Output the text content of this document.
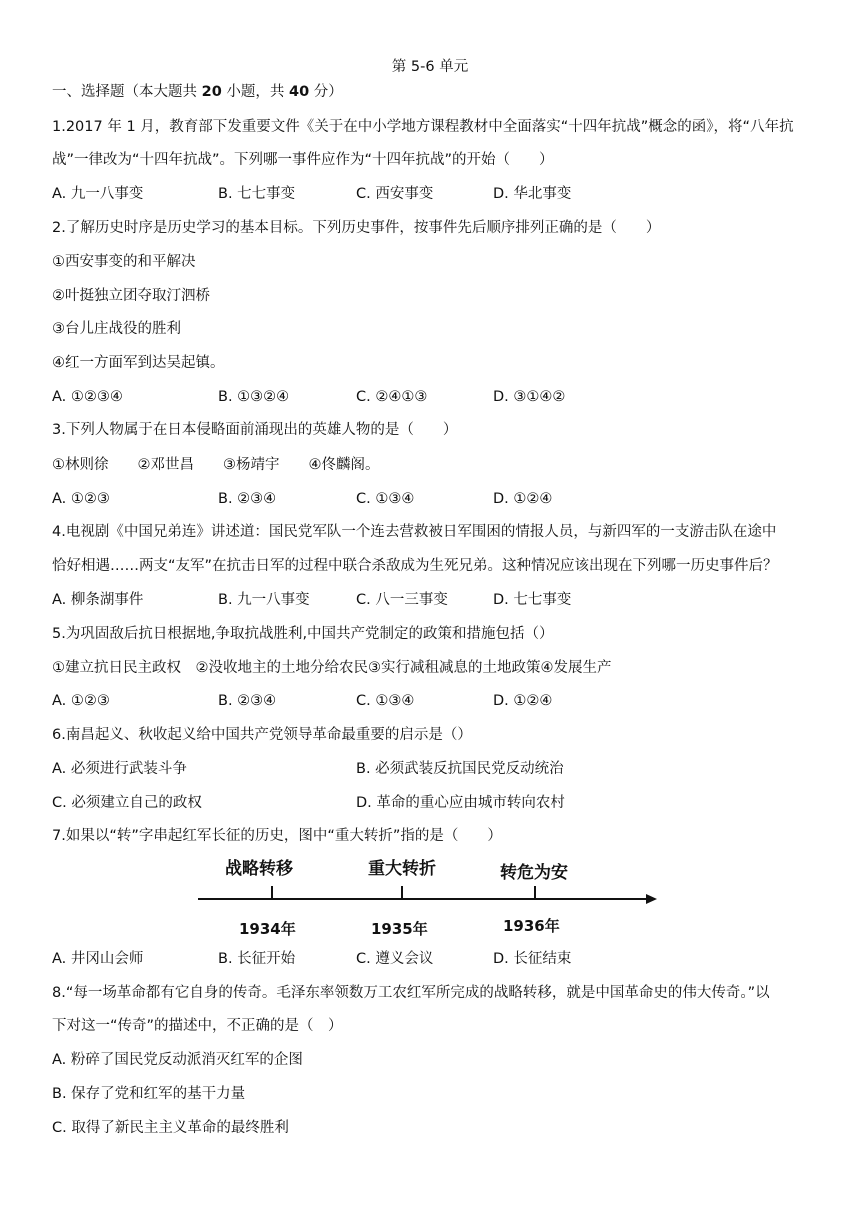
第 5-6 单元
一、选择题（本大题共 20 小题，共 40 分）
1.2017 年 1 月，教育部下发重要文件《关于在中小学地方课程教材中全面落实“十四年抗战”概念的函》，将“八年抗
战”一律改为“十四年抗战”。下列哪一事件应作为“十四年抗战”的开始（　　）
A. 九一八事变	B. 七七事变	C. 西安事变	D. 华北事变
2.了解历史时序是历史学习的基本目标。下列历史事件，按事件先后顺序排列正确的是（　　）
①西安事变的和平解决
②叶挺独立团夺取汀泗桥
③台儿庄战役的胜利
④红一方面军到达吴起镇。
A. ①②③④	B. ①③②④	C. ②④①③	D. ③①④②
3.下列人物属于在日本侵略面前涌现出的英雄人物的是（　　）
①林则徐　　②邓世昌　　③杨靖宇　　④佟麟阁。
A. ①②③	B. ②③④	C. ①③④	D. ①②④
4.电视剧《中国兄弟连》讲述道：国民党军队一个连去营救被日军围困的情报人员，与新四军的一支游击队在途中
恰好相遇……两支“友军”在抗击日军的过程中联合杀敌成为生死兄弟。这种情况应该出现在下列哪一历史事件后？
A. 柳条湖事件	B. 九一八事变	C. 八一三事变	D. 七七事变
5.为巩固敌后抗日根据地,争取抗战胜利,中国共产党制定的政策和措施包括（）
①建立抗日民主政权　②没收地主的土地分给农民③实行减租减息的土地政策④发展生产
A. ①②③	B. ②③④	C. ①③④	D. ①②④
6.南昌起义、秋收起义给中国共产党领导革命最重要的启示是（）
A. 必须进行武装斗争	B. 必须武装反抗国民党反动统治
C. 必须建立自己的政权	D. 革命的重心应由城市转向农村
7.如果以“转”字串起红军长征的历史，图中“重大转折”指的是（　　）
战略转移	重大转折	转危为安
1934年	1935年	1936年
A. 井冈山会师	B. 长征开始	C. 遵义会议	D. 长征结束
8.“每一场革命都有它自身的传奇。毛泽东率领数万工农红军所完成的战略转移，就是中国革命史的伟大传奇。”以
下对这一“传奇”的描述中，不正确的是（　）
A. 粉碎了国民党反动派消灭红军的企图
B. 保存了党和红军的基干力量
C. 取得了新民主主义革命的最终胜利
